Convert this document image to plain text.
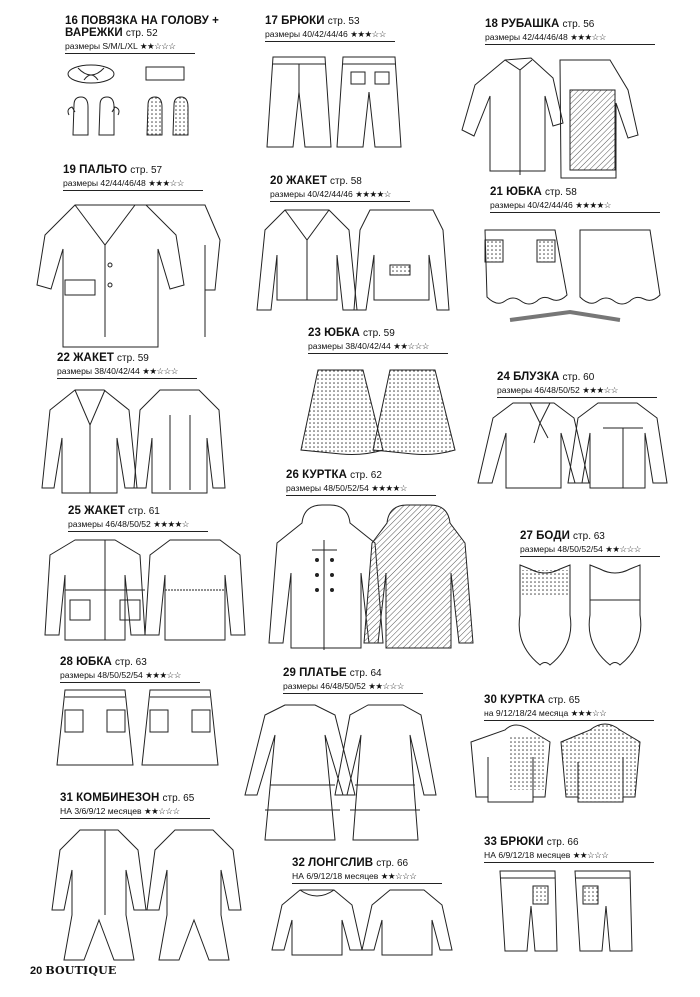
16 ПОВЯЗКА НА ГОЛОВУ +
ВАРЕЖКИ стр. 52
размеры S/M/L/XL ★★☆☆☆
17 БРЮКИ стр. 53
размеры 40/42/44/46 ★★★☆☆
18 РУБАШКА стр. 56
размеры 42/44/46/48 ★★★☆☆
19 ПАЛЬТО стр. 57
размеры 42/44/46/48 ★★★☆☆	20 ЖАКЕТ стр. 58
размеры 40/42/44/46 ★★★★☆	21 ЮБКА стр. 58
размеры 40/42/44/46 ★★★★☆
22 ЖАКЕТ стр. 59
размеры 38/40/42/44 ★★☆☆☆
23 ЮБКА стр. 59
размеры 38/40/42/44 ★★☆☆☆
24 БЛУЗКА стр. 60
размеры 46/48/50/52 ★★★☆☆
25 ЖАКЕТ стр. 61
размеры 46/48/50/52 ★★★★☆
26 КУРТКА стр. 62
размеры 48/50/52/54 ★★★★☆
27 БОДИ стр. 63
размеры 48/50/52/54 ★★☆☆☆
28 ЮБКА стр. 63
размеры 48/50/52/54 ★★★☆☆	29 ПЛАТЬЕ стр. 64
размеры 46/48/50/52 ★★☆☆☆
30 КУРТКА стр. 65
на 9/12/18/24 месяца ★★★☆☆
31 КОМБИНЕЗОН стр. 65
НА 3/6/9/12 месяцев ★★☆☆☆
32 ЛОНГСЛИВ стр. 66
НА 6/9/12/18 месяцев ★★☆☆☆
33 БРЮКИ стр. 66
НА 6/9/12/18 месяцев ★★☆☆☆
20 BOUTIQUE
